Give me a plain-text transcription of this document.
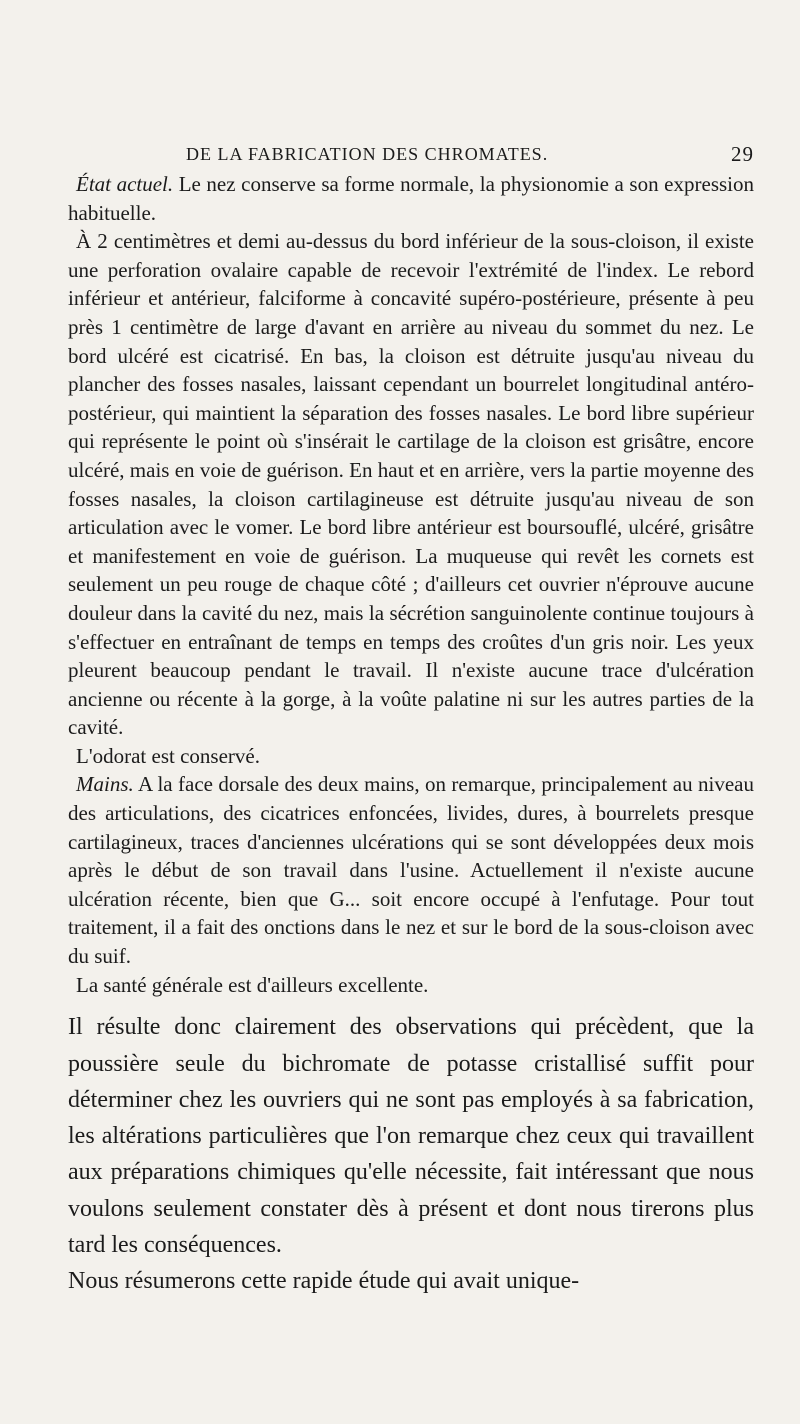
DE LA FABRICATION DES CHROMATES.	29

État actuel. Le nez conserve sa forme normale, la physionomie a son expression habituelle.

À 2 centimètres et demi au-dessus du bord inférieur de la sous-cloison, il existe une perforation ovalaire capable de recevoir l'extrémité de l'index. Le rebord inférieur et antérieur, falciforme à concavité supéro-postérieure, présente à peu près 1 centimètre de large d'avant en arrière au niveau du sommet du nez. Le bord ulcéré est cicatrisé. En bas, la cloison est détruite jusqu'au niveau du plancher des fosses nasales, laissant cependant un bourrelet longitudinal antéro-postérieur, qui maintient la séparation des fosses nasales. Le bord libre supérieur qui représente le point où s'insérait le cartilage de la cloison est grisâtre, encore ulcéré, mais en voie de guérison. En haut et en arrière, vers la partie moyenne des fosses nasales, la cloison cartilagineuse est détruite jusqu'au niveau de son articulation avec le vomer. Le bord libre antérieur est boursouflé, ulcéré, grisâtre et manifestement en voie de guérison. La muqueuse qui revêt les cornets est seulement un peu rouge de chaque côté ; d'ailleurs cet ouvrier n'éprouve aucune douleur dans la cavité du nez, mais la sécrétion sanguinolente continue toujours à s'effectuer en entraînant de temps en temps des croûtes d'un gris noir. Les yeux pleurent beaucoup pendant le travail. Il n'existe aucune trace d'ulcération ancienne ou récente à la gorge, à la voûte palatine ni sur les autres parties de la cavité.

L'odorat est conservé.

Mains. A la face dorsale des deux mains, on remarque, principalement au niveau des articulations, des cicatrices enfoncées, livides, dures, à bourrelets presque cartilagineux, traces d'anciennes ulcérations qui se sont développées deux mois après le début de son travail dans l'usine. Actuellement il n'existe aucune ulcération récente, bien que G... soit encore occupé à l'enfutage. Pour tout traitement, il a fait des onctions dans le nez et sur le bord de la sous-cloison avec du suif.

La santé générale est d'ailleurs excellente.

Il résulte donc clairement des observations qui précèdent, que la poussière seule du bichromate de potasse cristallisé suffit pour déterminer chez les ouvriers qui ne sont pas employés à sa fabrication, les altérations particulières que l'on remarque chez ceux qui travaillent aux préparations chimiques qu'elle nécessite, fait intéressant que nous voulons seulement constater dès à présent et dont nous tirerons plus tard les conséquences.

Nous résumerons cette rapide étude qui avait unique-
